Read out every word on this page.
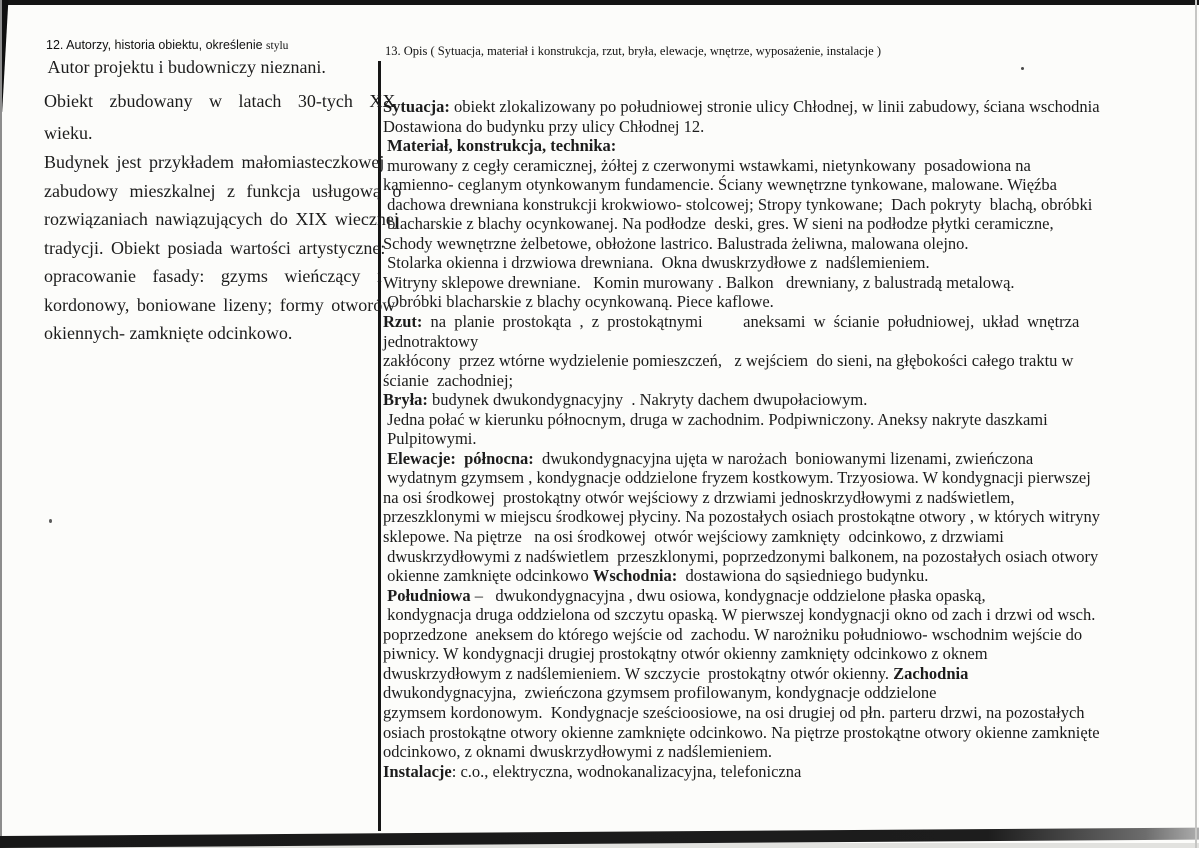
12. Autorzy, historia obiektu, określenie stylu
Autor projektu i budowniczy nieznani.
Obiekt zbudowany w latach 30-tych XX
wieku.
Budynek jest przykładem małomiasteczkowej
zabudowy mieszkalnej z funkcja usługową o
rozwiązaniach nawiązujących do XIX wiecznej
tradycji. Obiekt posiada wartości artystyczne:
opracowanie fasady: gzyms wieńczący i
kordonowy, boniowane lizeny; formy otworów
okiennych- zamknięte odcinkowo.
13. Opis ( Sytuacja, materiał i konstrukcja, rzut, bryła, elewacje, wnętrze, wyposażenie, instalacje )
Sytuacja: obiekt zlokalizowany po południowej stronie ulicy Chłodnej, w linii zabudowy, ściana wschodnia
Dostawiona do budynku przy ulicy Chłodnej 12.
Materiał, konstrukcja, technika:
murowany z cegły ceramicznej, żółtej z czerwonymi wstawkami, nietynkowany  posadowiona na
kamienno- ceglanym otynkowanym fundamencie. Ściany wewnętrzne tynkowane, malowane. Więźba
dachowa drewniana konstrukcji krokwiowo- stolcowej; Stropy tynkowane;  Dach pokryty  blachą, obróbki
blacharskie z blachy ocynkowanej. Na podłodze  deski, gres. W sieni na podłodze płytki ceramiczne,
Schody wewnętrzne żelbetowe, obłożone lastrico. Balustrada żeliwna, malowana olejno.
Stolarka okienna i drzwiowa drewniana.  Okna dwuskrzydłowe z  nadślemieniem.
Witryny sklepowe drewniane.   Komin murowany . Balkon   drewniany, z balustradą metalową.
Obróbki blacharskie z blachy ocynkowaną. Piece kaflowe.
Rzut: na planie prostokąta , z prostokątnymi     aneksami w ścianie południowej, układ wnętrza
jednotraktowy
zakłócony  przez wtórne wydzielenie pomieszczeń,   z wejściem  do sieni, na głębokości całego traktu w
ścianie  zachodniej;
Bryła: budynek dwukondygnacyjny  . Nakryty dachem dwupołaciowym.
Jedna połać w kierunku północnym, druga w zachodnim. Podpiwniczony. Aneksy nakryte daszkami
Pulpitowymi.
Elewacje:  północna:  dwukondygnacyjna ujęta w narożach  boniowanymi lizenami, zwieńczona
wydatnym gzymsem , kondygnacje oddzielone fryzem kostkowym. Trzyosiowa. W kondygnacji pierwszej
na osi środkowej  prostokątny otwór wejściowy z drzwiami jednoskrzydłowymi z nadświetlem,
przeszklonymi w miejscu środkowej płyciny. Na pozostałych osiach prostokątne otwory , w których witryny
sklepowe. Na piętrze   na osi środkowej  otwór wejściowy zamknięty  odcinkowo, z drzwiami
dwuskrzydłowymi z nadświetlem  przeszklonymi, poprzedzonymi balkonem, na pozostałych osiach otwory
okienne zamknięte odcinkowo Wschodnia:  dostawiona do sąsiedniego budynku.
Południowa –   dwukondygnacyjna , dwu osiowa, kondygnacje oddzielone płaska opaską,
kondygnacja druga oddzielona od szczytu opaską. W pierwszej kondygnacji okno od zach i drzwi od wsch.
poprzedzone  aneksem do którego wejście od  zachodu. W narożniku południowo- wschodnim wejście do
piwnicy. W kondygnacji drugiej prostokątny otwór okienny zamknięty odcinkowo z oknem
dwuskrzydłowym z nadślemieniem. W szczycie  prostokątny otwór okienny. Zachodnia
dwukondygnacyjna,  zwieńczona gzymsem profilowanym, kondygnacje oddzielone
gzymsem kordonowym.  Kondygnacje sześcioosiowe, na osi drugiej od płn. parteru drzwi, na pozostałych
osiach prostokątne otwory okienne zamknięte odcinkowo. Na piętrze prostokątne otwory okienne zamknięte
odcinkowo, z oknami dwuskrzydłowymi z nadślemieniem.
Instalacje: c.o., elektryczna, wodnokanalizacyjna, telefoniczna
